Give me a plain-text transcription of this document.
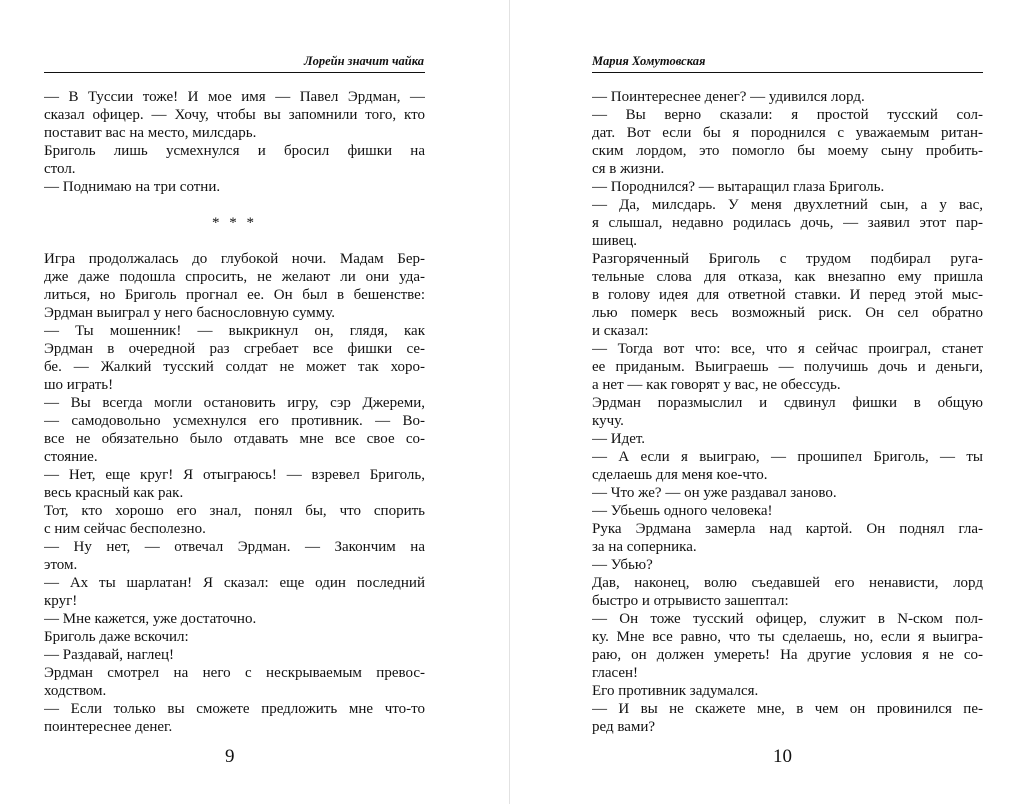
Лорейн значит чайка
— В Туссии тоже! И мое имя — Павел Эрдман, —
сказал офицер. — Хочу, чтобы вы запомнили того, кто
поставит вас на место, милсдарь.
Бриголь лишь усмехнулся и бросил фишки на
стол.
— Поднимаю на три сотни.
* * *
Игра продолжалась до глубокой ночи. Мадам Бер-
дже даже подошла спросить, не желают ли они уда-
литься, но Бриголь прогнал ее. Он был в бешенстве:
Эрдман выиграл у него баснословную сумму.
— Ты мошенник! — выкрикнул он, глядя, как
Эрдман в очередной раз сгребает все фишки се-
бе. — Жалкий тусский солдат не может так хоро-
шо играть!
— Вы всегда могли остановить игру, сэр Джереми,
— самодовольно усмехнулся его противник. — Во-
все не обязательно было отдавать мне все свое со-
стояние.
— Нет, еще круг! Я отыграюсь! — взревел Бриголь,
весь красный как рак.
Тот, кто хорошо его знал, понял бы, что спорить
с ним сейчас бесполезно.
— Ну нет, — отвечал Эрдман. — Закончим на
этом.
— Ах ты шарлатан! Я сказал: еще один последний
круг!
— Мне кажется, уже достаточно.
Бриголь даже вскочил:
— Раздавай, наглец!
Эрдман смотрел на него с нескрываемым превос-
ходством.
— Если только вы сможете предложить мне что-то
поинтереснее денег.
9
Мария Хомутовская
— Поинтереснее денег? — удивился лорд.
— Вы верно сказали: я простой тусский сол-
дат. Вот если бы я породнился с уважаемым ритан-
ским лордом, это помогло бы моему сыну пробить-
ся в жизни.
— Породнился? — вытаращил глаза Бриголь.
— Да, милсдарь. У меня двухлетний сын, а у вас,
я слышал, недавно родилась дочь, — заявил этот пар-
шивец.
Разгоряченный Бриголь с трудом подбирал руга-
тельные слова для отказа, как внезапно ему пришла
в голову идея для ответной ставки. И перед этой мыс-
лью померк весь возможный риск. Он сел обратно
и сказал:
— Тогда вот что: все, что я сейчас проиграл, станет
ее приданым. Выиграешь — получишь дочь и деньги,
а нет — как говорят у вас, не обессудь.
Эрдман поразмыслил и сдвинул фишки в общую
кучу.
— Идет.
— А если я выиграю, — прошипел Бриголь, — ты
сделаешь для меня кое-что.
— Что же? — он уже раздавал заново.
— Убьешь одного человека!
Рука Эрдмана замерла над картой. Он поднял гла-
за на соперника.
— Убью?
Дав, наконец, волю съедавшей его ненависти, лорд
быстро и отрывисто зашептал:
— Он тоже тусский офицер, служит в N-ском пол-
ку. Мне все равно, что ты сделаешь, но, если я выигра-
раю, он должен умереть! На другие условия я не со-
гласен!
Его противник задумался.
— И вы не скажете мне, в чем он провинился пе-
ред вами?
10
